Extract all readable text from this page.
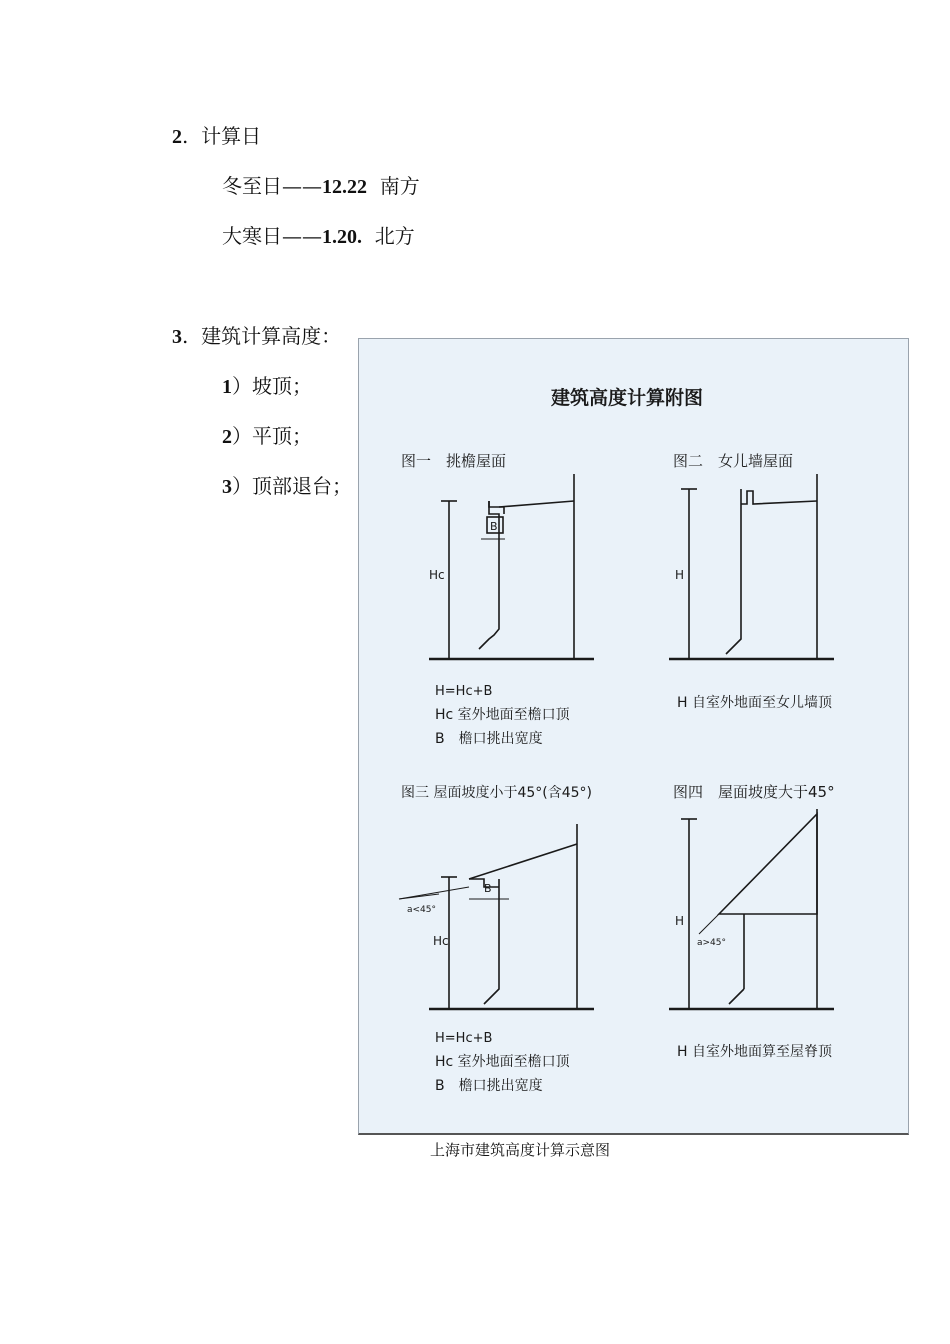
2.  计算日
冬至日——12.22 南方
大寒日——1.20. 北方
3.  建筑计算高度：
1）坡顶；
2）平顶；
3）顶部退台；
建筑高度计算附图
图一　挑檐屋面
Hc
B
H=Hc+B
Hc 室外地面至檐口顶
B　檐口挑出宽度
图二　女儿墙屋面
H
H 自室外地面至女儿墙顶
图三 屋面坡度小于45°(含45°)
Hc
B
a<45°
H=Hc+B
Hc 室外地面至檐口顶
B　檐口挑出宽度
图四　屋面坡度大于45°
H
a>45°
H 自室外地面算至屋脊顶
上海市建筑高度计算示意图
